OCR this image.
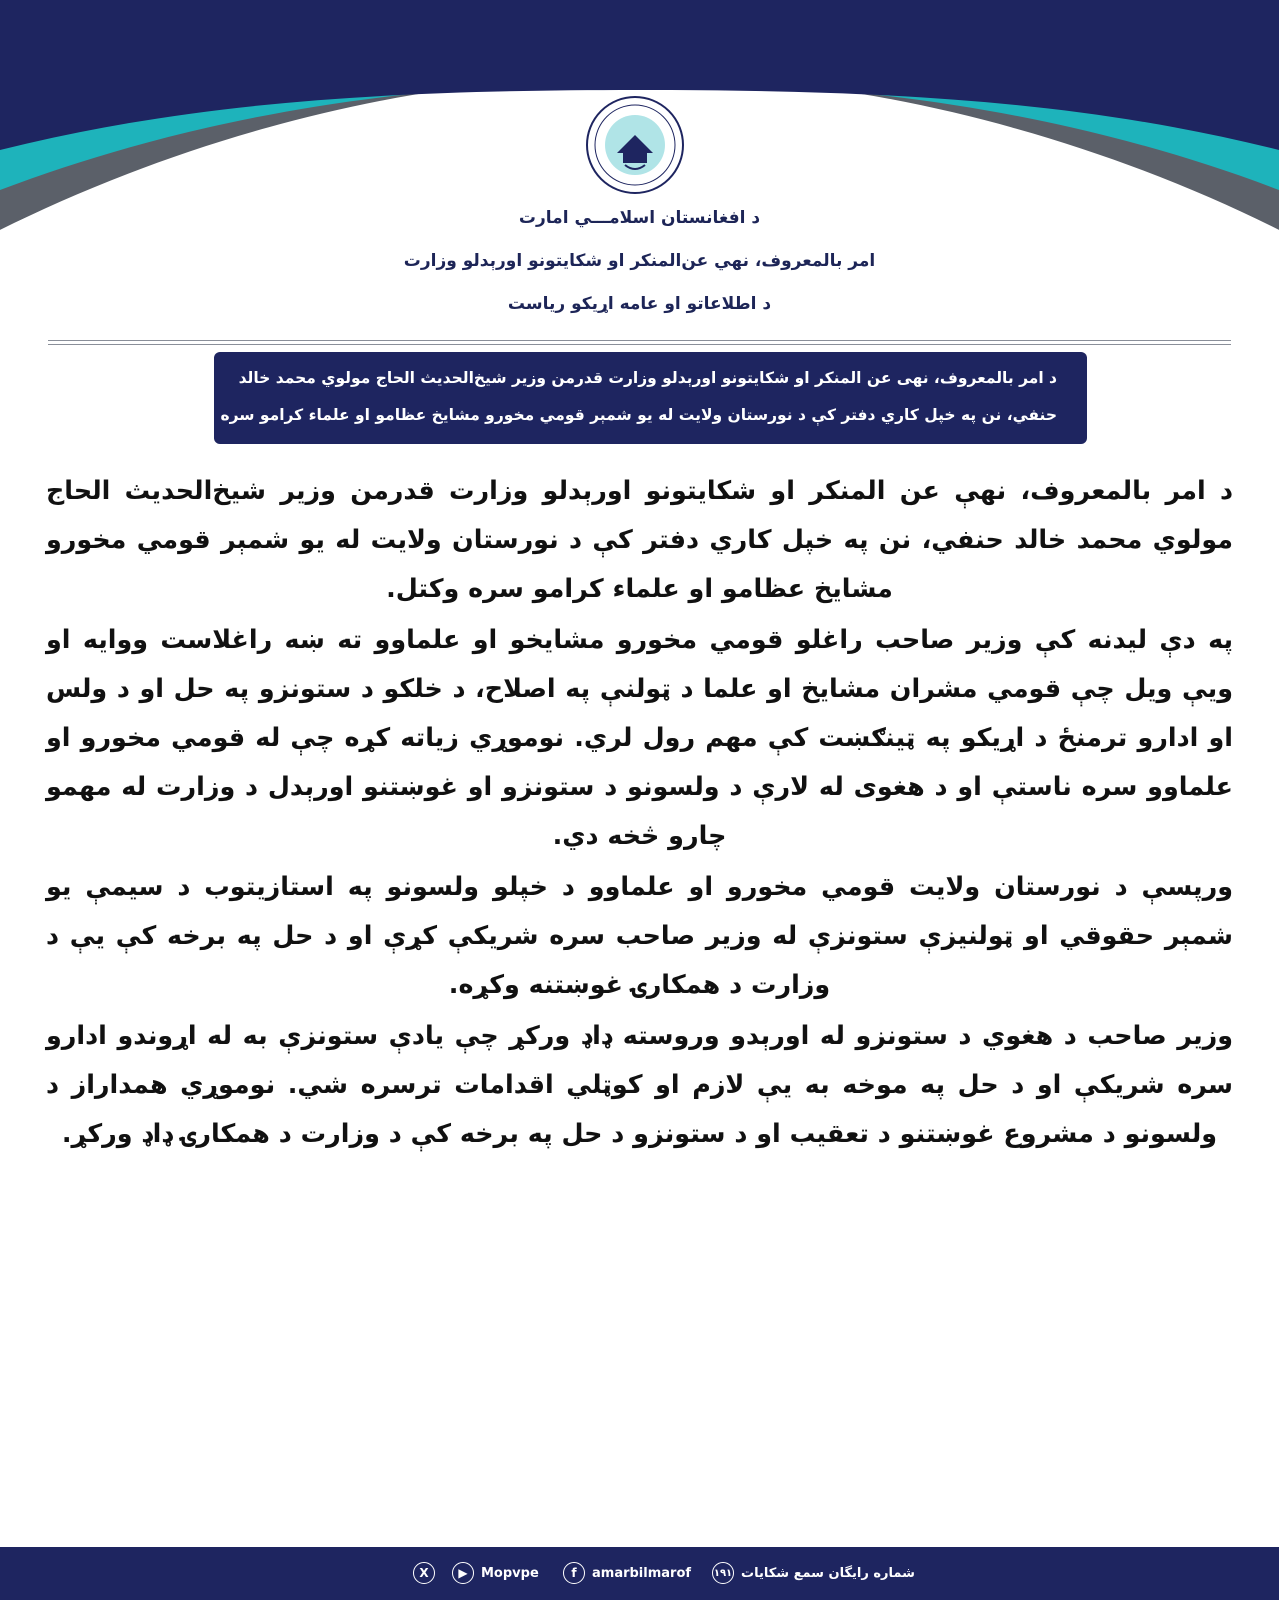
د افغانستان اسلامـــي امارت
امر بالمعروف، نهي عن‌المنکر او شکایتونو اورېدلو وزارت
د اطلاعاتو او عامه اړیکو ریاست
د امر بالمعروف، نهی عن المنکر او شکایتونو اورېدلو وزارت قدرمن وزیر شیخ‌الحدیث الحاج مولوي محمد خالد
حنفي، نن په خپل کاري دفتر کې د نورستان ولایت له یو شمېر قومي مخورو مشایخ عظامو او علماء کرامو سره وکتل.

د امر بالمعروف، نهې عن المنکر او شکایتونو اورېدلو وزارت قدرمن وزیر شیخ‌الحدیث الحاج مولوي محمد خالد حنفي، نن په خپل کاري دفتر کې د نورستان ولایت له یو شمېر قومي مخورو مشایخ عظامو او علماء کرامو سره وکتل.

په دې لیدنه کې وزیر صاحب راغلو قومي مخورو مشایخو او علماوو ته ښه راغلاست ووایه او ویې ویل چې قومي مشران مشایخ او علما د ټولنې په اصلاح، د خلکو د ستونزو په حل او د ولس او ادارو ترمنځ د اړیکو په ټینګښت کې مهم رول لري. نوموړي زیاته کړه چې له قومي مخورو او علماوو سره ناستې او د هغوی له لارې د ولسونو د ستونزو او غوښتنو اورېدل د وزارت له مهمو چارو څخه دي.

ورپسې د نورستان ولایت قومي مخورو او علماوو د خپلو ولسونو په استازیتوب د سیمې یو شمېر حقوقي او ټولنیزې ستونزې له وزیر صاحب سره شریکې کړې او د حل په برخه کې یې د وزارت د همکارۍ غوښتنه وکړه.

وزیر صاحب د هغوي د ستونزو له اورېدو وروسته ډاډ ورکړ چې یادې ستونزې به له اړوندو ادارو سره شریکې او د حل په موخه به یې لازم او کوټلي اقدامات ترسره شي. نوموړي همدارا‌ز د ولسونو د مشروع غوښتنو د تعقیب او د ستونزو د حل په برخه کې د وزارت د همکارۍ ډاډ ورکړ.

۱۹۱ شماره رایگان سمع شکایات
f	amarbilmarof
▶	Mopvpe
X
